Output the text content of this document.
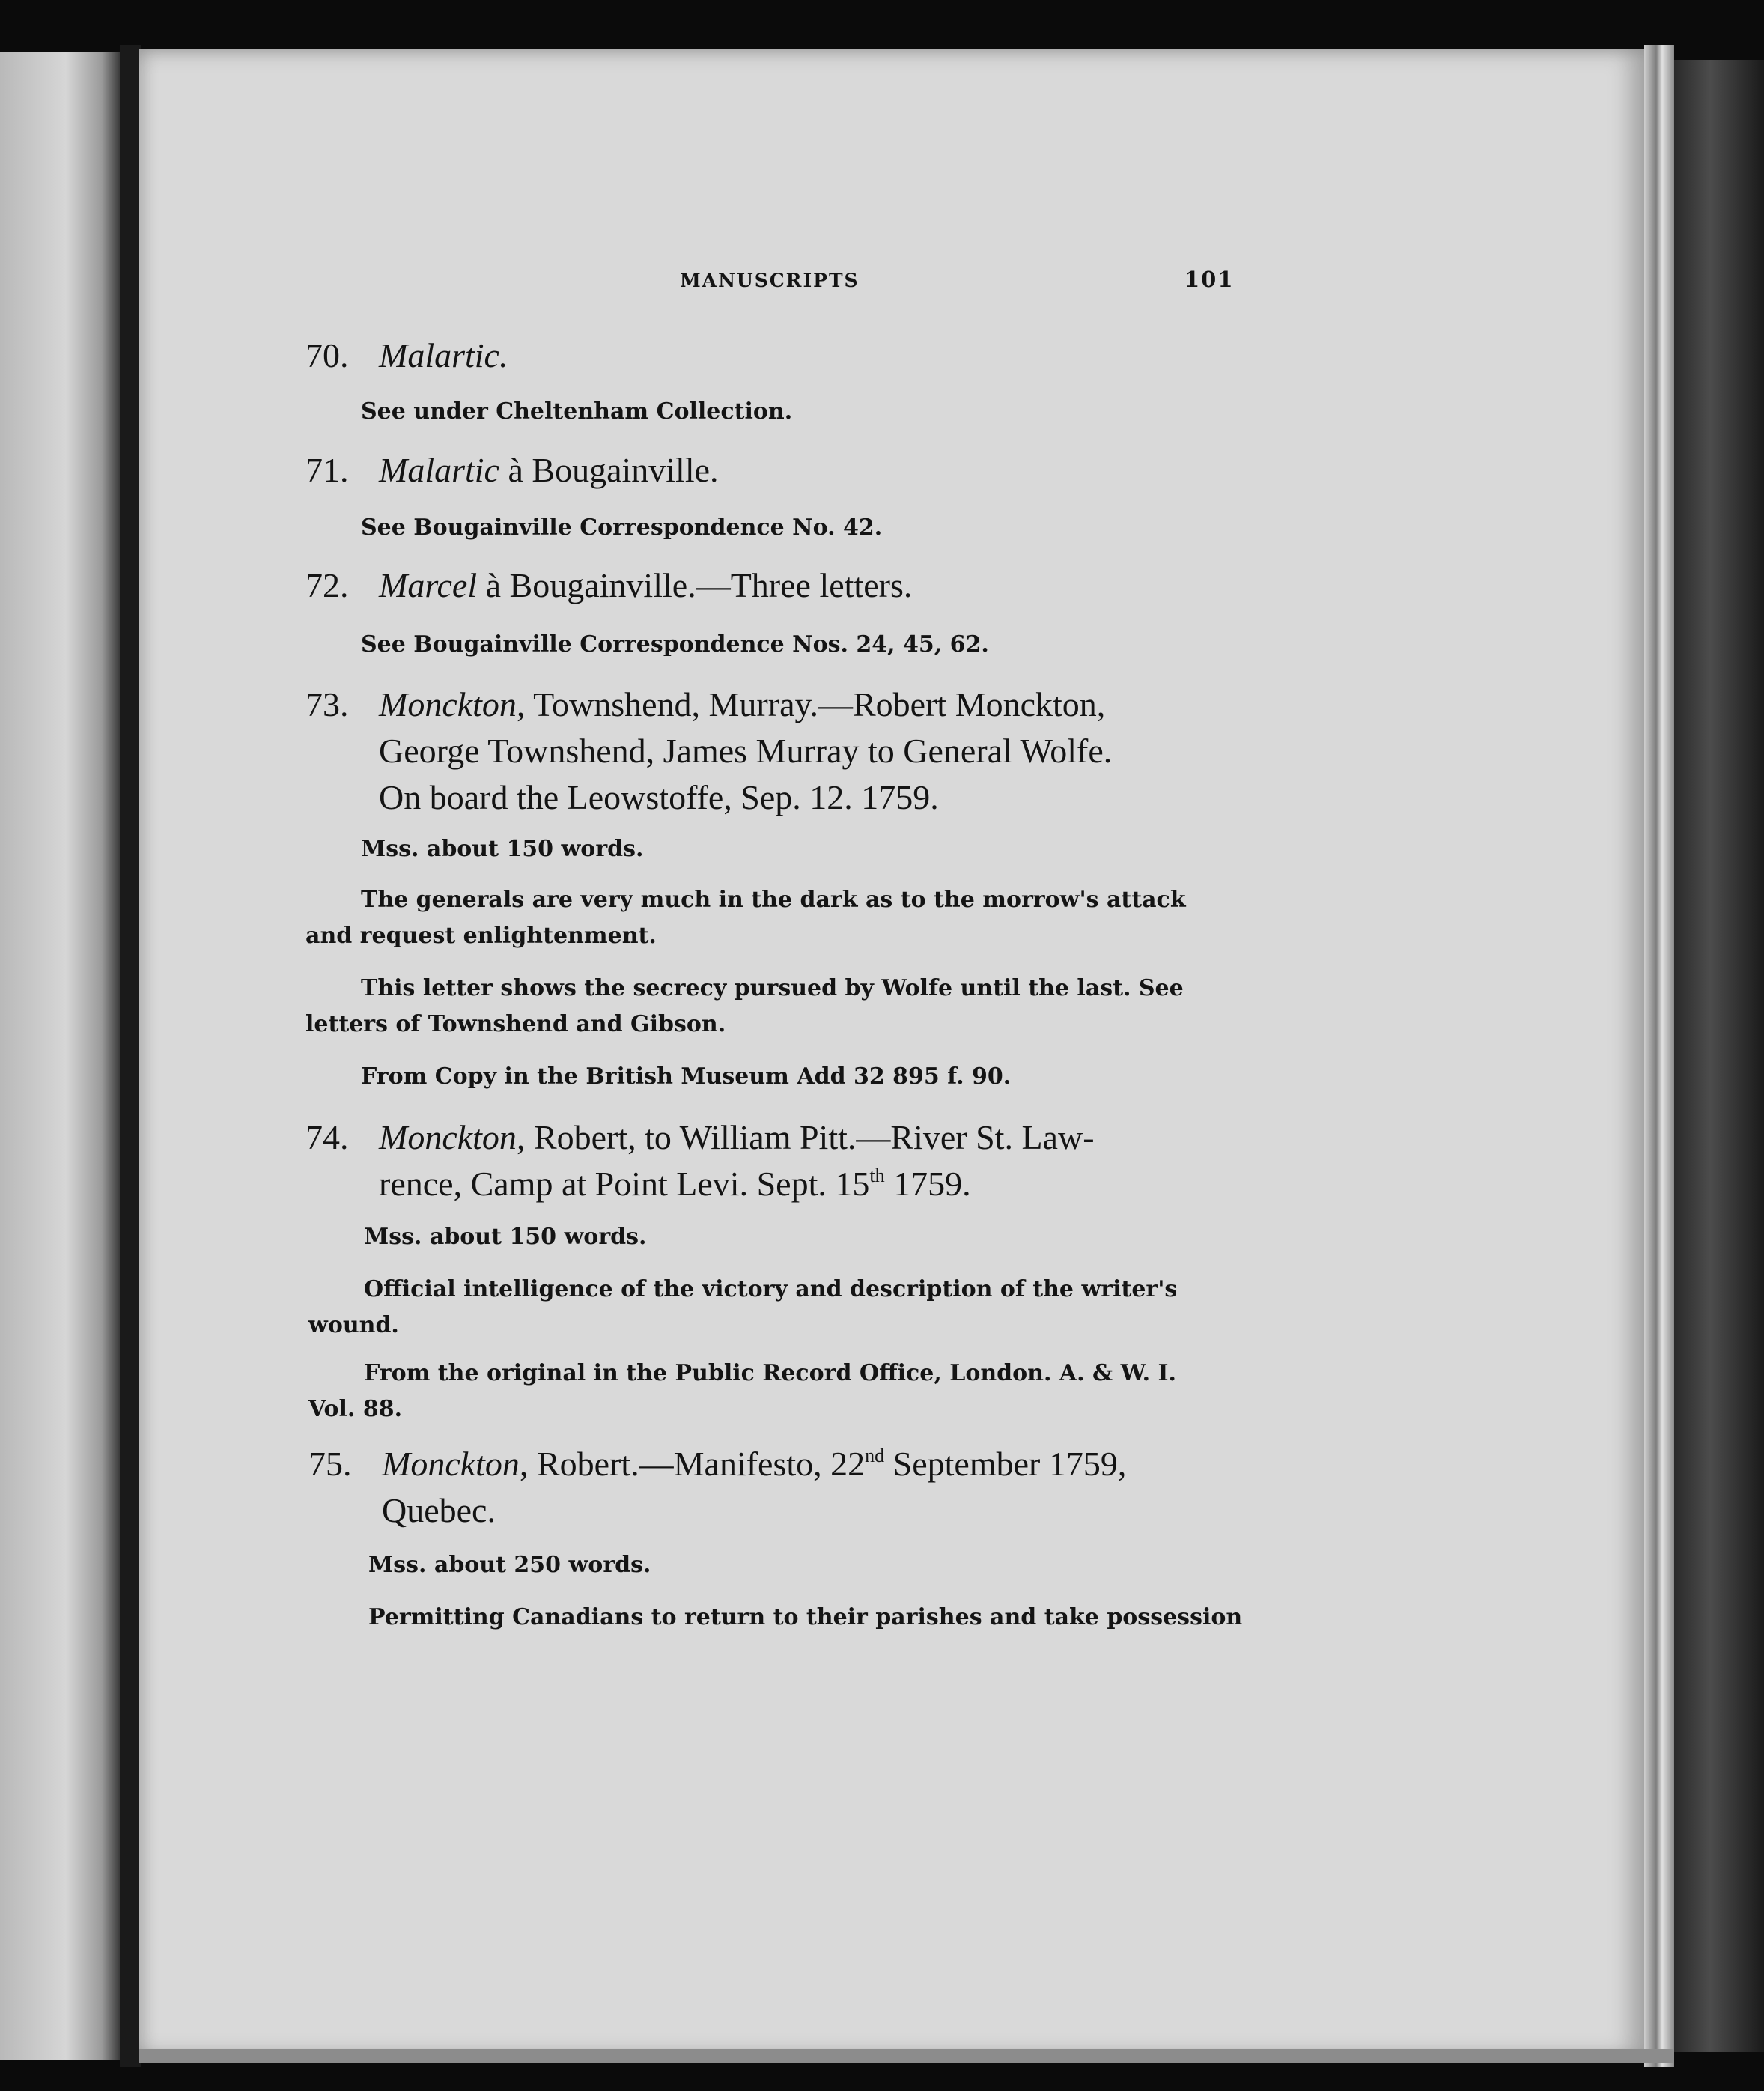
MANUSCRIPTS	101

70. Malartic.

See under Cheltenham Collection.

71. Malartic à Bougainville.

See Bougainville Correspondence No. 42.

72. Marcel à Bougainville.—Three letters.

See Bougainville Correspondence Nos. 24, 45, 62.

73. Monckton, Townshend, Murray.—Robert Monckton,
George Townshend, James Murray to General Wolfe.
On board the Leowstoffe, Sep. 12. 1759.

Mss. about 150 words.

The generals are very much in the dark as to the morrow's attack

and request enlightenment.

This letter shows the secrecy pursued by Wolfe until the last. See

letters of Townshend and Gibson.

From Copy in the British Museum Add 32 895 f. 90.

74. Monckton, Robert, to William Pitt.—River St. Law-
rence, Camp at Point Levi. Sept. 15th 1759.

Mss. about 150 words.

Official intelligence of the victory and description of the writer's

wound.

From the original in the Public Record Office, London. A. & W. I.

Vol. 88.

75. Monckton, Robert.—Manifesto, 22nd September 1759,
Quebec.

Mss. about 250 words.

Permitting Canadians to return to their parishes and take possession
